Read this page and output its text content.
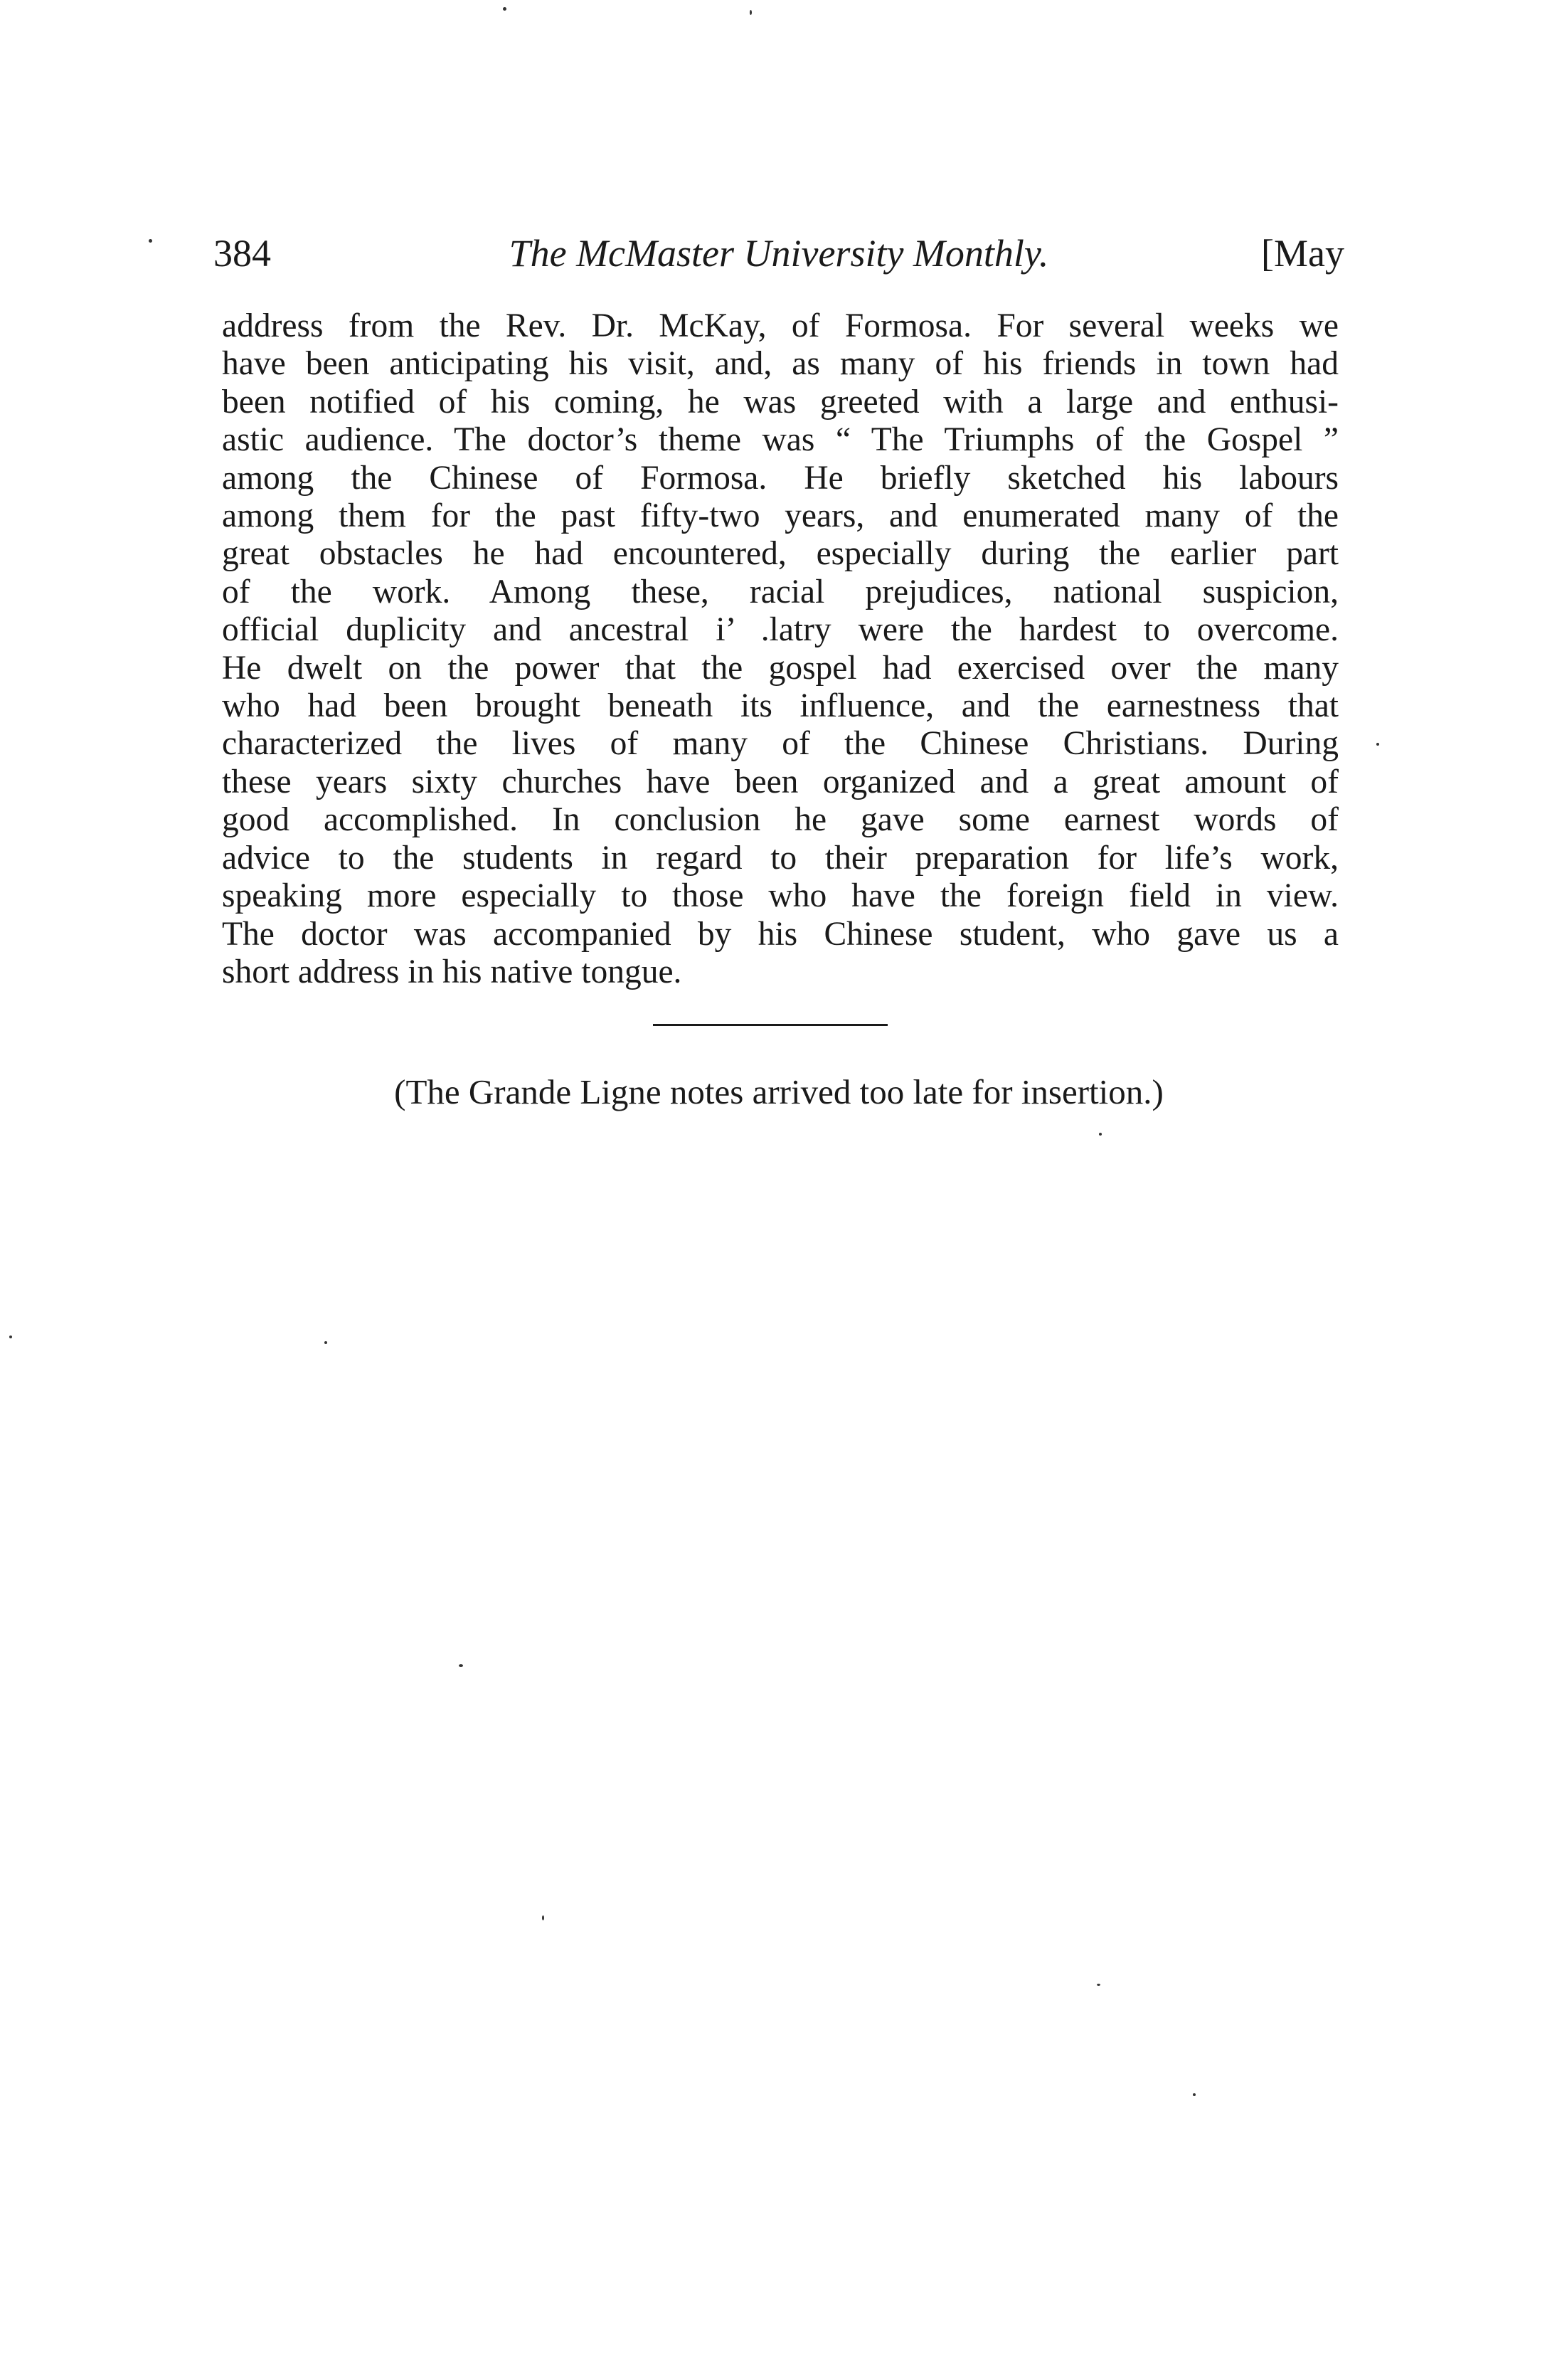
384	The McMaster University Monthly.	[May

address from the Rev. Dr. McKay, of Formosa. For several weeks we
have been anticipating his visit, and, as many of his friends in town had
been notified of his coming, he was greeted with a large and enthusi-
astic audience. The doctor’s theme was “ The Triumphs of the Gospel ”
among the Chinese of Formosa. He briefly sketched his labours
among them for the past fifty-two years, and enumerated many of the
great obstacles he had encountered, especially during the earlier part
of the work. Among these, racial prejudices, national suspicion,
official duplicity and ancestral i’ .latry were the hardest to overcome.
He dwelt on the power that the gospel had exercised over the many
who had been brought beneath its influence, and the earnestness that
characterized the lives of many of the Chinese Christians. During
these years sixty churches have been organized and a great amount of
good accomplished. In conclusion he gave some earnest words of
advice to the students in regard to their preparation for life’s work,
speaking more especially to those who have the foreign field in view.
The doctor was accompanied by his Chinese student, who gave us a
short address in his native tongue.

(The Grande Ligne notes arrived too late for insertion.)
